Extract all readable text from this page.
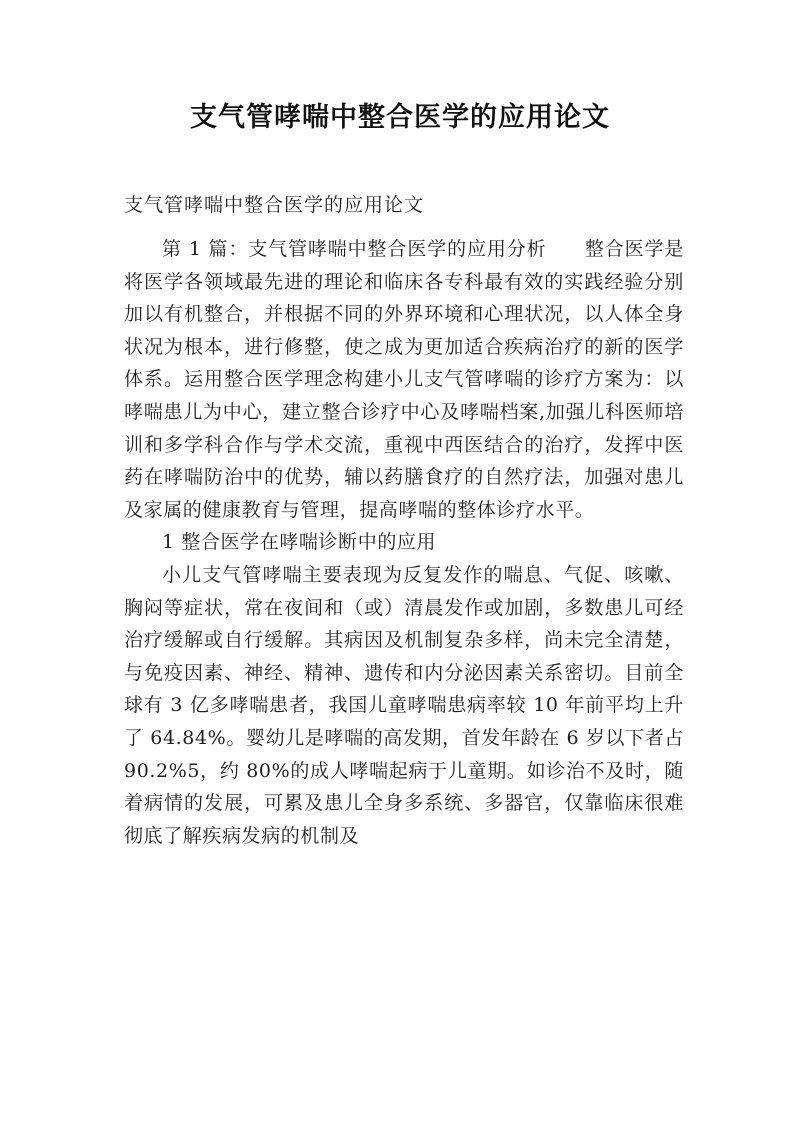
支气管哮喘中整合医学的应用论文

支气管哮喘中整合医学的应用论文

第 1 篇：支气管哮喘中整合医学的应用分析 整合医学是将医学各领域最先进的理论和临床各专科最有效的实践经验分别加以有机整合，并根据不同的外界环境和心理状况，以人体全身状况为根本，进行修整，使之成为更加适合疾病治疗的新的医学体系。运用整合医学理念构建小儿支气管哮喘的诊疗方案为：以哮喘患儿为中心，建立整合诊疗中心及哮喘档案,加强儿科医师培训和多学科合作与学术交流，重视中西医结合的治疗，发挥中医药在哮喘防治中的优势，辅以药膳食疗的自然疗法，加强对患儿及家属的健康教育与管理，提高哮喘的整体诊疗水平。

1 整合医学在哮喘诊断中的应用

小儿支气管哮喘主要表现为反复发作的喘息、气促、咳嗽、胸闷等症状，常在夜间和（或）清晨发作或加剧，多数患儿可经治疗缓解或自行缓解。其病因及机制复杂多样，尚未完全清楚，与免疫因素、神经、精神、遗传和内分泌因素关系密切。目前全球有 3 亿多哮喘患者，我国儿童哮喘患病率较 10 年前平均上升了 64.84%。婴幼儿是哮喘的高发期，首发年龄在 6 岁以下者占 90.2%5，约 80%的成人哮喘起病于儿童期。如诊治不及时，随着病情的发展，可累及患儿全身多系统、多器官，仅靠临床很难彻底了解疾病发病的机制及
